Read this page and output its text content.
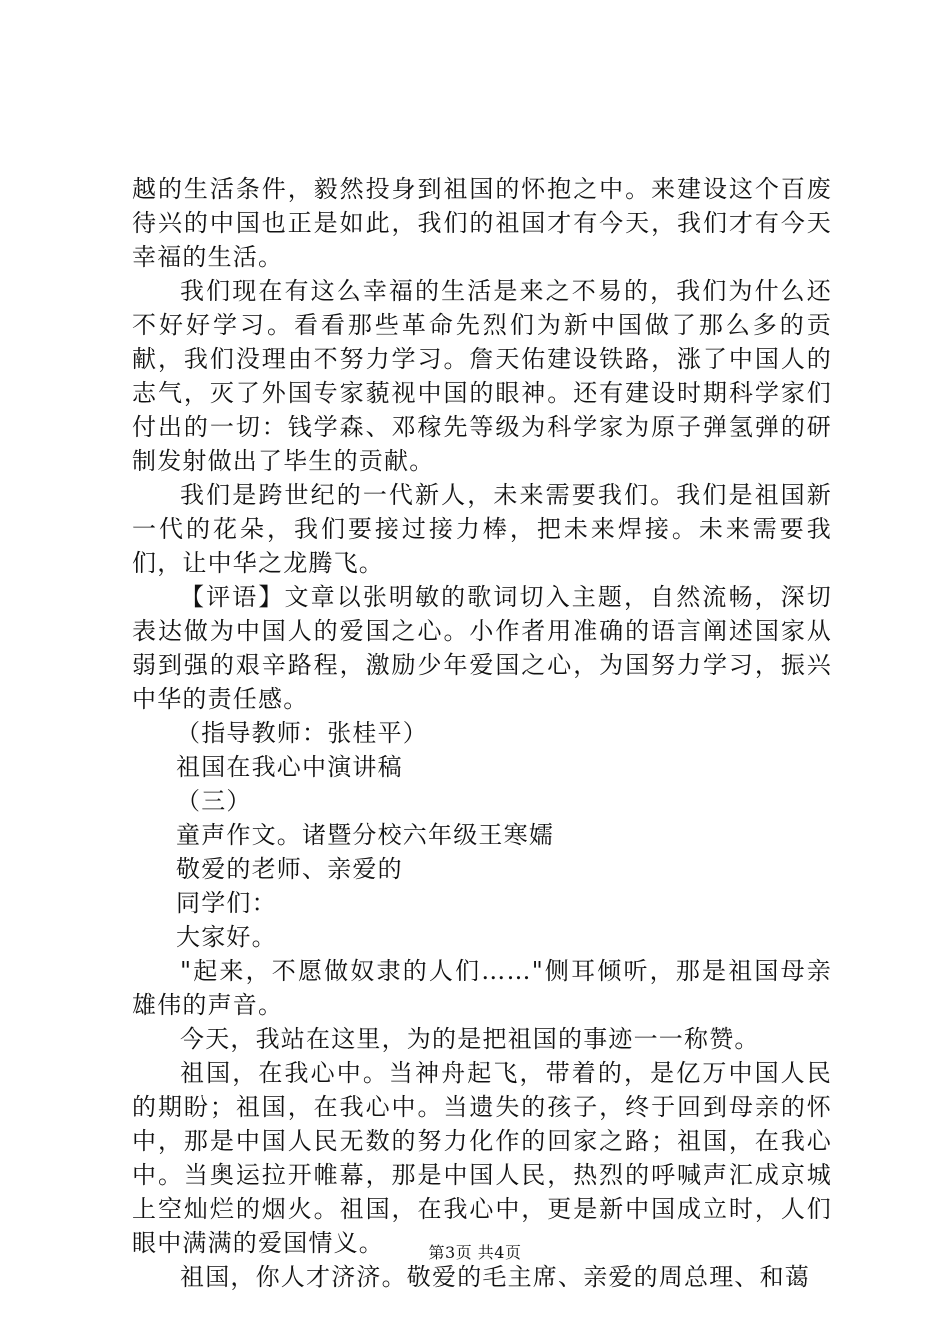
越的生活条件，毅然投身到祖国的怀抱之中。来建设这个百废待兴的中国也正是如此，我们的祖国才有今天，我们才有今天幸福的生活。

我们现在有这么幸福的生活是来之不易的，我们为什么还不好好学习。看看那些革命先烈们为新中国做了那么多的贡献，我们没理由不努力学习。詹天佑建设铁路，涨了中国人的志气，灭了外国专家藐视中国的眼神。还有建设时期科学家们付出的一切：钱学森、邓稼先等级为科学家为原子弹氢弹的研制发射做出了毕生的贡献。

我们是跨世纪的一代新人，未来需要我们。我们是祖国新一代的花朵，我们要接过接力棒，把未来焊接。未来需要我们，让中华之龙腾飞。

【评语】文章以张明敏的歌词切入主题，自然流畅，深切表达做为中国人的爱国之心。小作者用准确的语言阐述国家从弱到强的艰辛路程，激励少年爱国之心，为国努力学习，振兴中华的责任感。

（指导教师：张桂平）

祖国在我心中演讲稿

（三）

童声作文。诸暨分校六年级王寒嬬

敬爱的老师、亲爱的

同学们：

大家好。

"起来，不愿做奴隶的人们……"侧耳倾听，那是祖国母亲雄伟的声音。

今天，我站在这里，为的是把祖国的事迹一一称赞。

祖国，在我心中。当神舟起飞，带着的，是亿万中国人民的期盼；祖国，在我心中。当遗失的孩子，终于回到母亲的怀中，那是中国人民无数的努力化作的回家之路；祖国，在我心中。当奥运拉开帷幕，那是中国人民，热烈的呼喊声汇成京城上空灿烂的烟火。祖国，在我心中，更是新中国成立时，人们眼中满满的爱国情义。

祖国，你人才济济。敬爱的毛主席、亲爱的周总理、和蔼

第3页 共4页
